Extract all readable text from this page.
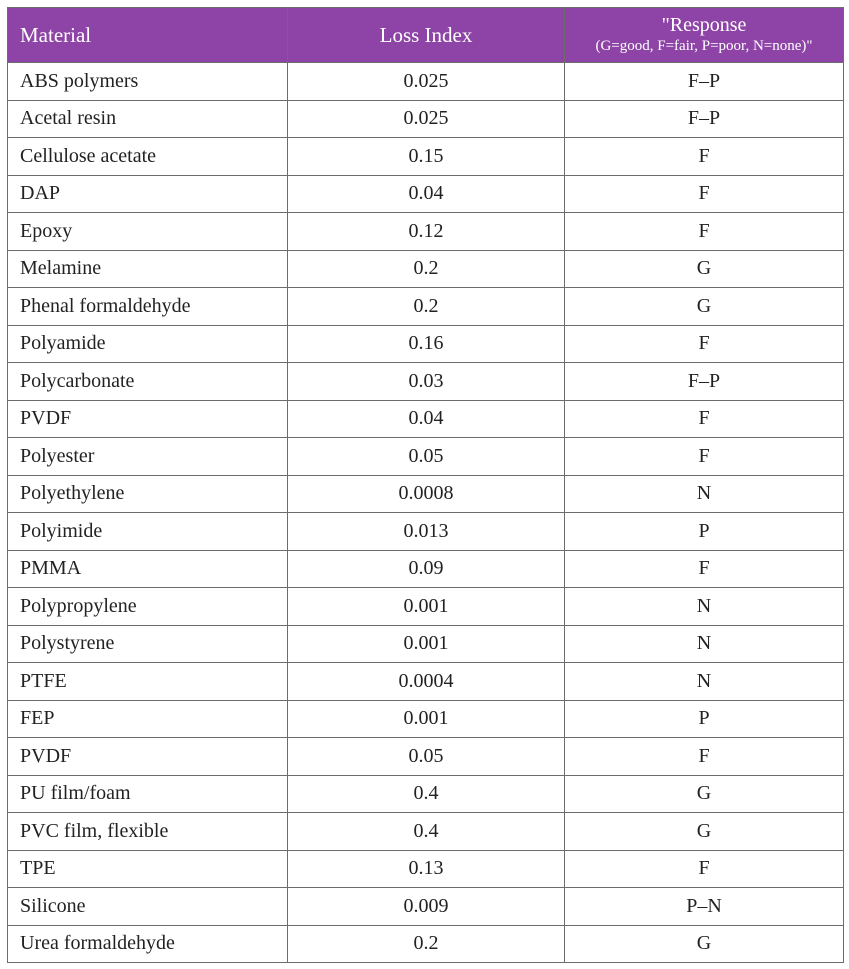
Material	Loss Index	"Response
(G=good, F=fair, P=poor, N=none)"

ABS polymers	0.025	F–P
Acetal resin	0.025	F–P
Cellulose acetate	0.15	F
DAP	0.04	F
Epoxy	0.12	F
Melamine	0.2	G
Phenal formaldehyde	0.2	G
Polyamide	0.16	F
Polycarbonate	0.03	F–P
PVDF	0.04	F
Polyester	0.05	F
Polyethylene	0.0008	N
Polyimide	0.013	P
PMMA	0.09	F
Polypropylene	0.001	N
Polystyrene	0.001	N
PTFE	0.0004	N
FEP	0.001	P
PVDF	0.05	F
PU film/foam	0.4	G
PVC film, flexible	0.4	G
TPE	0.13	F
Silicone	0.009	P–N
Urea formaldehyde	0.2	G
